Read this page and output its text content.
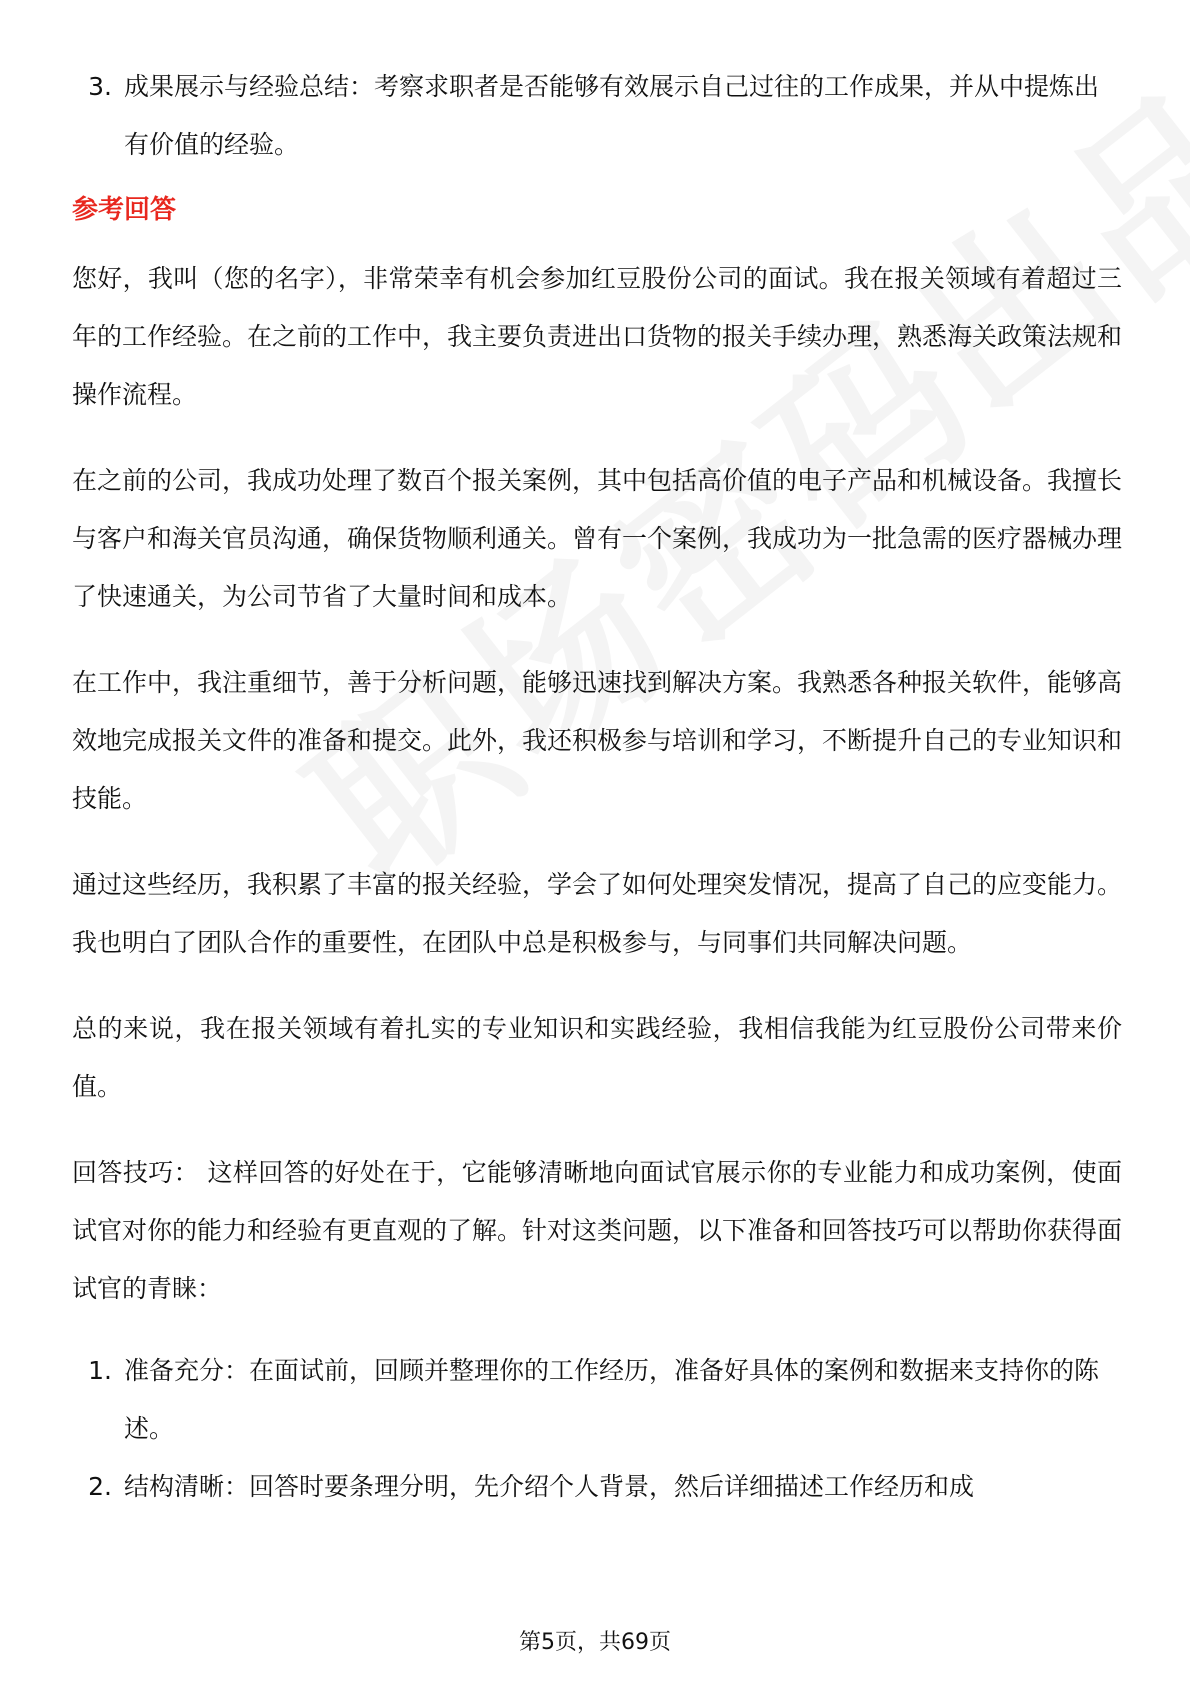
3. 成果展示与经验总结：考察求职者是否能够有效展示自己过往的工作成果，并从中提炼出有价值的经验。
参考回答

您好，我叫（您的名字），非常荣幸有机会参加红豆股份公司的面试。我在报关领域有着超过三年的工作经验。在之前的工作中，我主要负责进出口货物的报关手续办理，熟悉海关政策法规和操作流程。

在之前的公司，我成功处理了数百个报关案例，其中包括高价值的电子产品和机械设备。我擅长与客户和海关官员沟通，确保货物顺利通关。曾有一个案例，我成功为一批急需的医疗器械办理了快速通关，为公司节省了大量时间和成本。

在工作中，我注重细节，善于分析问题，能够迅速找到解决方案。我熟悉各种报关软件，能够高效地完成报关文件的准备和提交。此外，我还积极参与培训和学习，不断提升自己的专业知识和技能。

通过这些经历，我积累了丰富的报关经验，学会了如何处理突发情况，提高了自己的应变能力。我也明白了团队合作的重要性，在团队中总是积极参与，与同事们共同解决问题。

总的来说，我在报关领域有着扎实的专业知识和实践经验，我相信我能为红豆股份公司带来价值。

回答技巧： 这样回答的好处在于，它能够清晰地向面试官展示你的专业能力和成功案例，使面试官对你的能力和经验有更直观的了解。针对这类问题，以下准备和回答技巧可以帮助你获得面试官的青睐：

1. 准备充分：在面试前，回顾并整理你的工作经历，准备好具体的案例和数据来支持你的陈述。
2. 结构清晰：回答时要条理分明，先介绍个人背景，然后详细描述工作经历和成
第5页，共69页
